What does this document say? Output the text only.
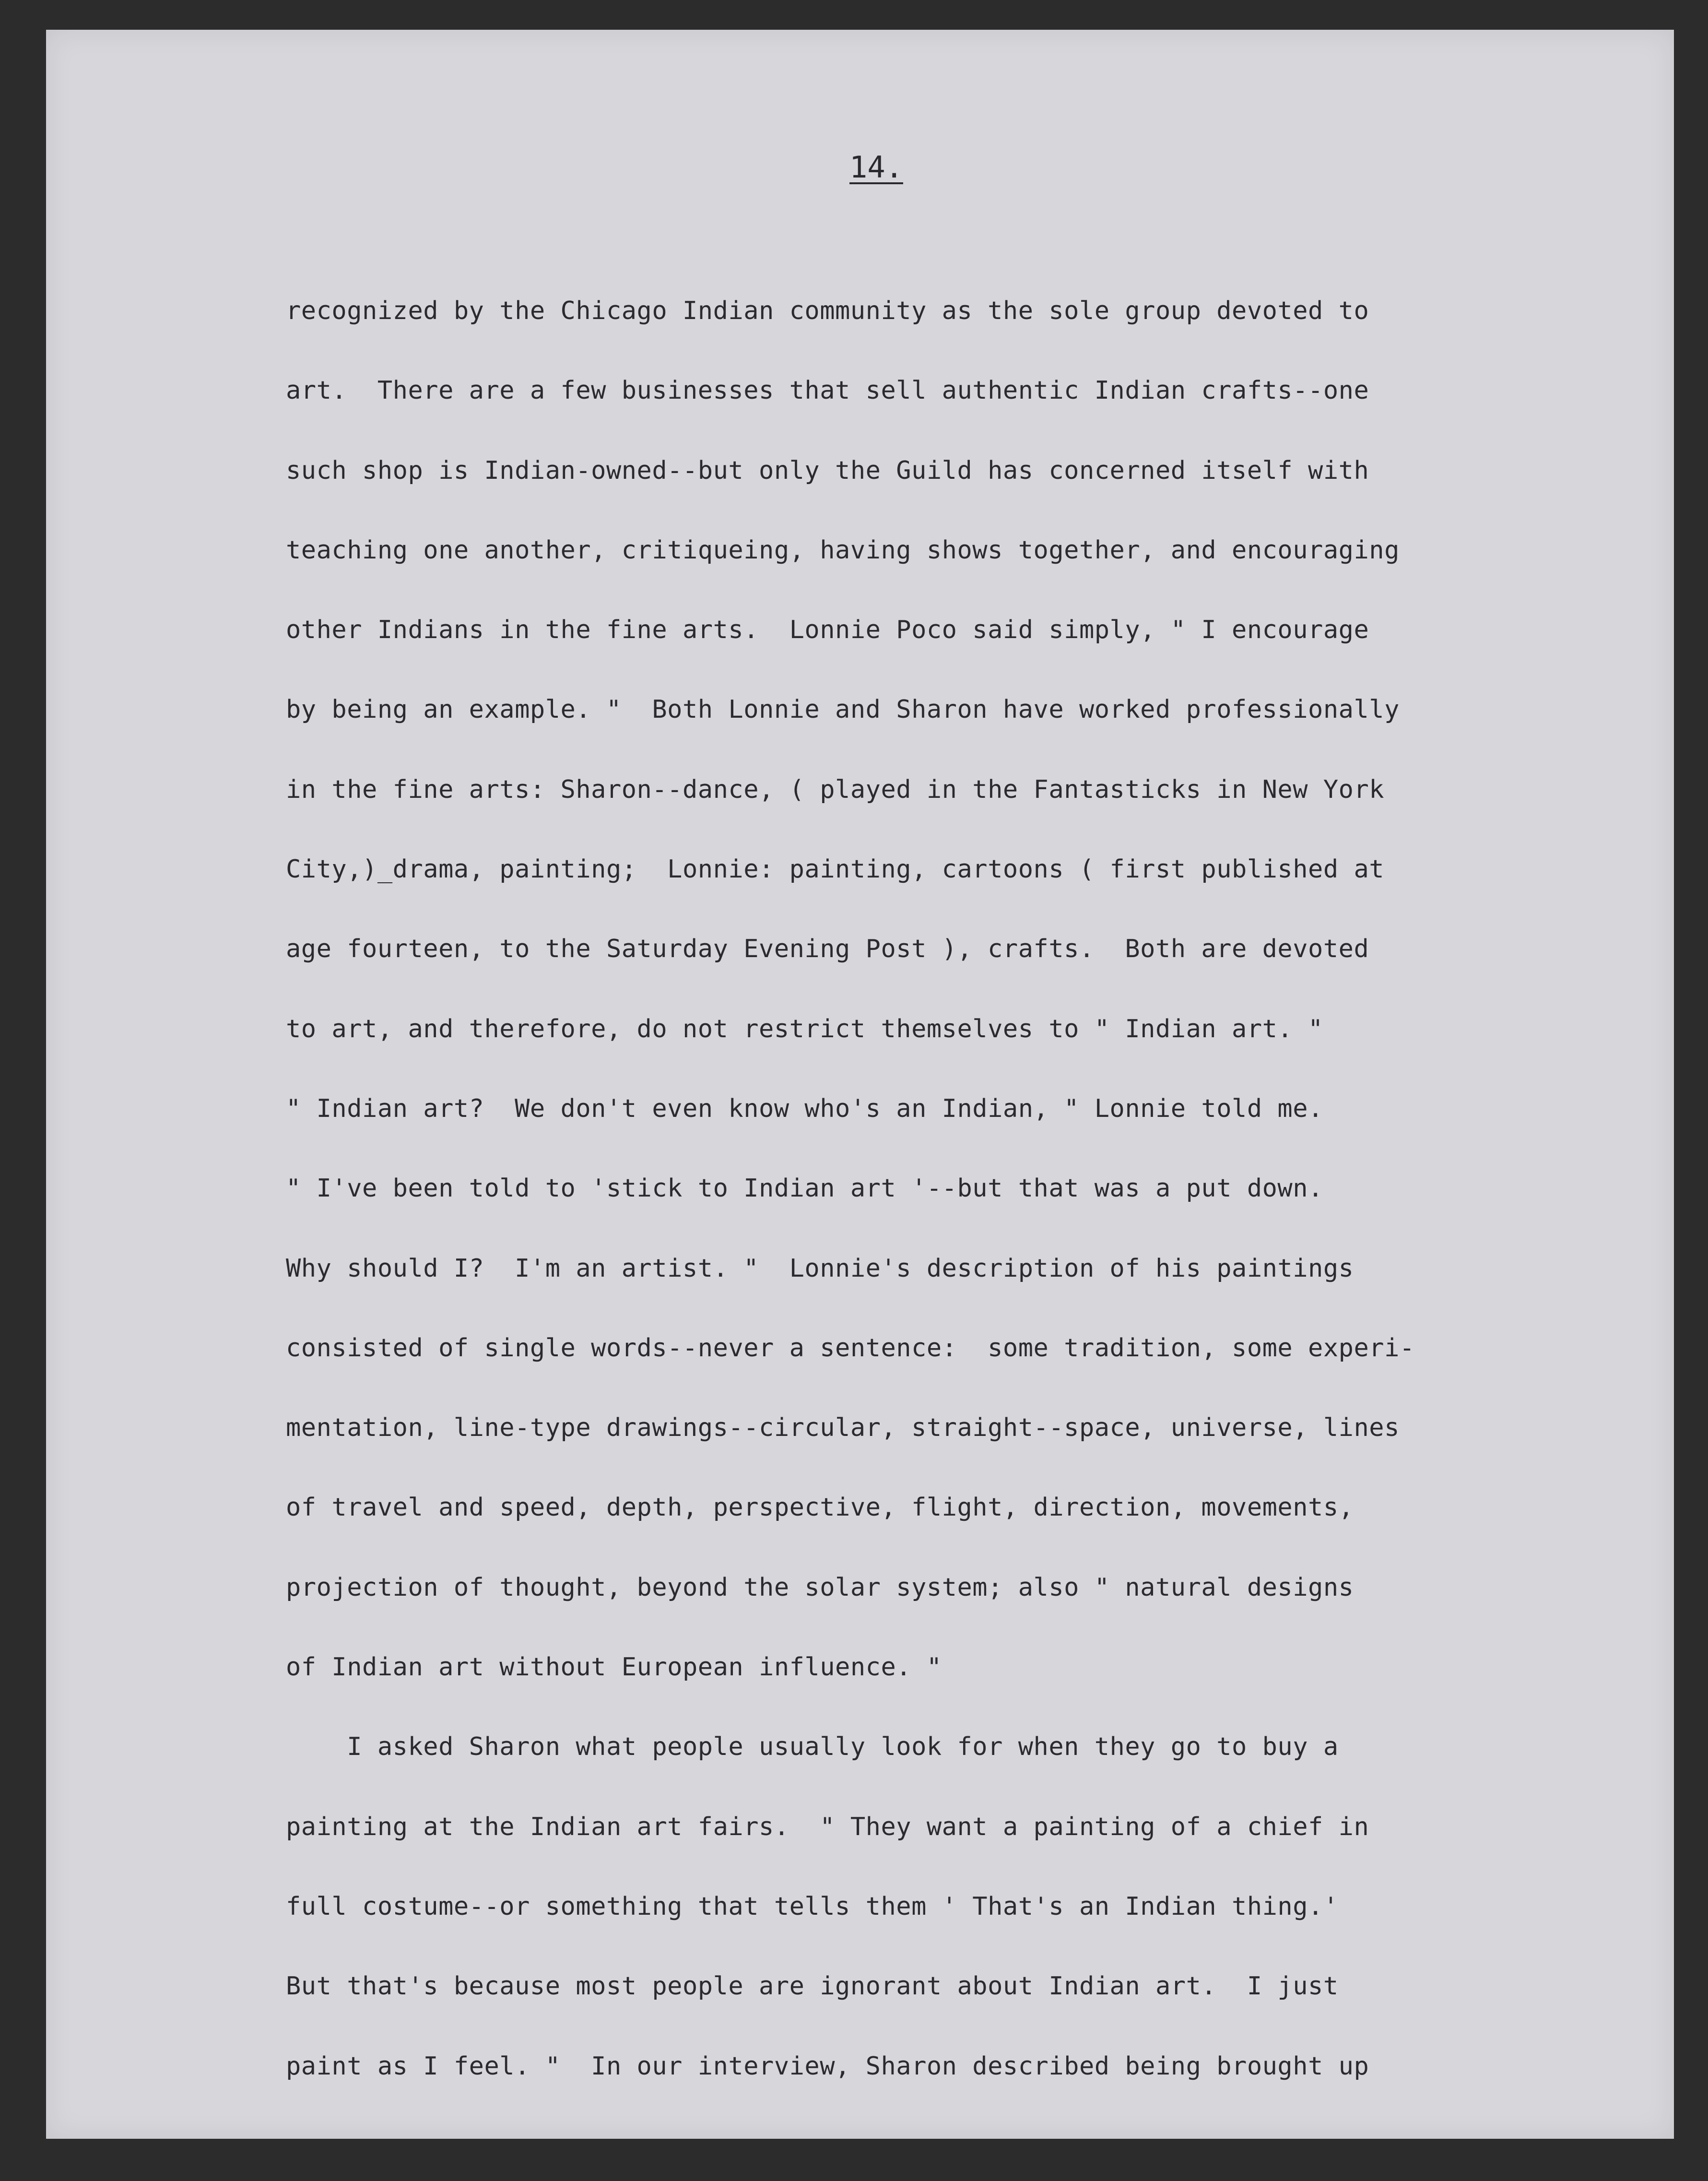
14.

recognized by the Chicago Indian community as the sole group devoted to
art.  There are a few businesses that sell authentic Indian crafts--one
such shop is Indian-owned--but only the Guild has concerned itself with
teaching one another, critiqueing, having shows together, and encouraging
other Indians in the fine arts.  Lonnie Poco said simply, " I encourage
by being an example. "  Both Lonnie and Sharon have worked professionally
in the fine arts: Sharon--dance, ( played in the Fantasticks in New York
City,)_drama, painting;  Lonnie: painting, cartoons ( first published at
age fourteen, to the Saturday Evening Post ), crafts.  Both are devoted
to art, and therefore, do not restrict themselves to " Indian art. "
" Indian art?  We don't even know who's an Indian, " Lonnie told me.
" I've been told to 'stick to Indian art '--but that was a put down.
Why should I?  I'm an artist. "  Lonnie's description of his paintings
consisted of single words--never a sentence:  some tradition, some experi-
mentation, line-type drawings--circular, straight--space, universe, lines
of travel and speed, depth, perspective, flight, direction, movements,
projection of thought, beyond the solar system; also " natural designs
of Indian art without European influence. "
I asked Sharon what people usually look for when they go to buy a
painting at the Indian art fairs.  " They want a painting of a chief in
full costume--or something that tells them ' That's an Indian thing.'
But that's because most people are ignorant about Indian art.  I just
paint as I feel. "  In our interview, Sharon described being brought up
